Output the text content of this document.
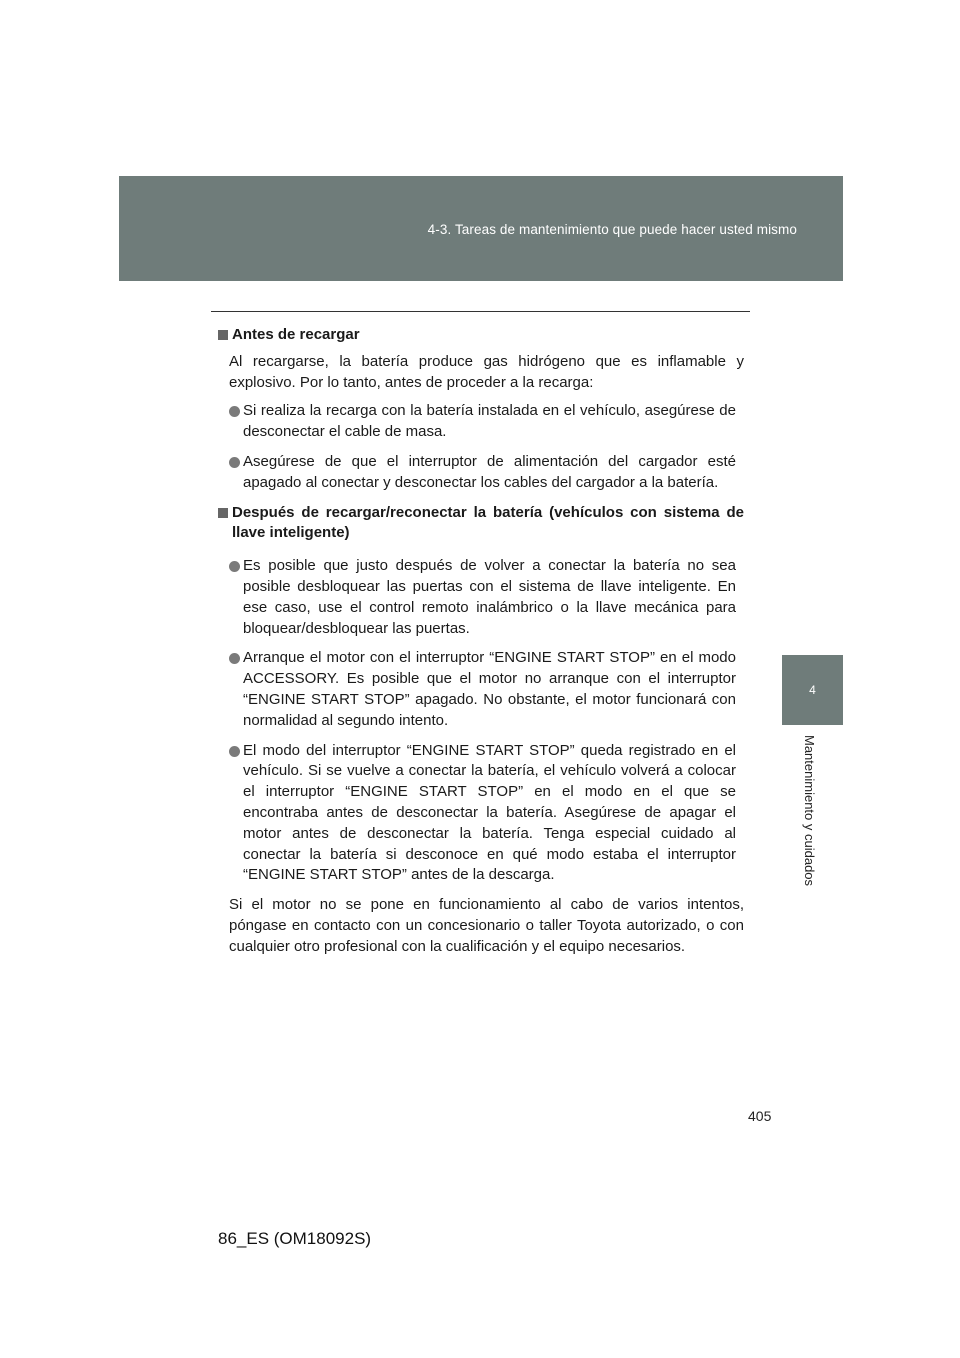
4-3. Tareas de mantenimiento que puede hacer usted mismo
4
Mantenimiento y cuidados
Antes de recargar

Al recargarse, la batería produce gas hidrógeno que es inflamable y explosivo. Por lo tanto, antes de proceder a la recarga:

Si realiza la recarga con la batería instalada en el vehículo, asegúrese de desconectar el cable de masa.
Asegúrese de que el interruptor de alimentación del cargador esté apagado al conectar y desconectar los cables del cargador a la batería.
Después de recargar/reconectar la batería (vehículos con sistema de llave inteligente)
Es posible que justo después de volver a conectar la batería no sea posible desbloquear las puertas con el sistema de llave inteligente. En ese caso, use el control remoto inalámbrico o la llave mecánica para bloquear/desbloquear las puertas.
Arranque el motor con el interruptor “ENGINE START STOP” en el modo ACCESSORY. Es posible que el motor no arranque con el interruptor “ENGINE START STOP” apagado. No obstante, el motor funcionará con normalidad al segundo intento.
El modo del interruptor “ENGINE START STOP” queda registrado en el vehículo. Si se vuelve a conectar la batería, el vehículo volverá a colocar el interruptor “ENGINE START STOP” en el modo en el que se encontraba antes de desconectar la batería. Asegúrese de apagar el motor antes de desconectar la batería. Tenga especial cuidado al conectar la batería si desconoce en qué modo estaba el interruptor “ENGINE START STOP” antes de la descarga.

Si el motor no se pone en funcionamiento al cabo de varios intentos, póngase en contacto con un concesionario o taller Toyota autorizado, o con cualquier otro profesional con la cualificación y el equipo necesarios.

405
86_ES (OM18092S)
